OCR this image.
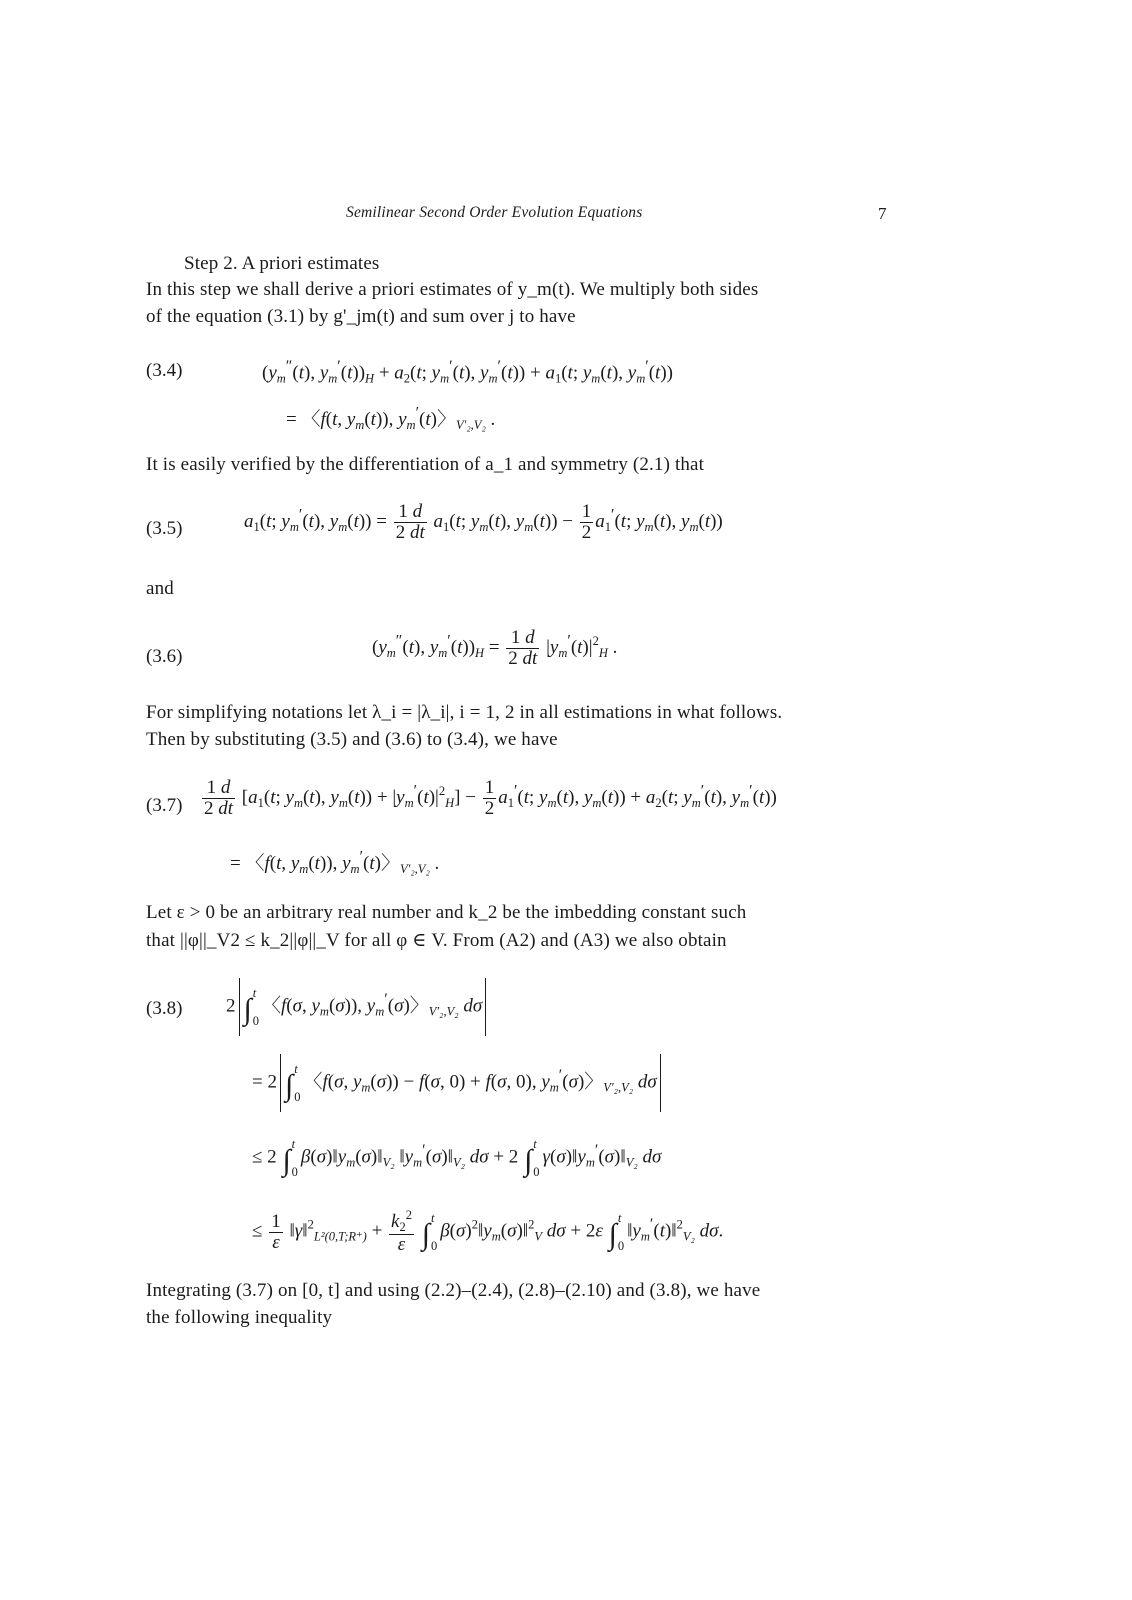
Semilinear Second Order Evolution Equations	7
Step 2. A priori estimates
In this step we shall derive a priori estimates of y_m(t). We multiply both sides
of the equation (3.1) by g'_jm(t) and sum over j to have
(3.4)	($y_m''(t)$, $y_m'(t))_H + a_2(t$; $y_m'(t)$, $y_m'(t)) + a_1(t$; $y_m(t)$, $y_m'(t)$)
= 〈f(t, $y_m(t)$), $y_m'(t)$〉$_{V'_2,V_2}$ .
It is easily verified by the differentiation of a_1 and symmetry (2.1) that
(3.5)	$a_1(t$; $y_m'(t)$, $y_m(t)) = \frac{1 d}{2 dt} a_1(t$; $y_m(t)$, $y_m(t)) - \frac{1}{2} a_1'(t$; $y_m(t)$, $y_m(t)$)
and
(3.6)	($y_m''(t)$, $y_m'(t))_H = \frac{1 d}{2 dt} |y_m'(t)|^2_H$ .
For simplifying notations let λ_i = |λ_i|, i = 1, 2 in all estimations in what follows.
Then by substituting (3.5) and (3.6) to (3.4), we have
$(3.7) \frac{1 d}{2 dt} [a_1(t$; $y_m(t)$, $y_m(t)) + |y_m'(t)|^2_H] - \frac{1}{2} a_1'(t$; $y_m(t)$, $y_m(t)) + a_2(t$; $y_m'(t)$, $y_m'(t)$)
= 〈f(t, $y_m(t)$), $y_m'(t)$〉$_{V'_2,V_2}$ .
Let ε > 0 be an arbitrary real number and k_2 be the imbedding constant such
that ||φ||_V2 ≤ k_2||φ||_V for all φ ∈ V. From (A2) and (A3) we also obtain
(3.8) 2 ∫
t
0
〈f(σ, $y_m(\sigma)$), $y_m'(\sigma)$〉$_{V'_2,V_2}$ dσ
= 2 ∫
t
0
〈f(σ, $y_m(\sigma)) - f(\sigma$, 0) + f(σ, 0), $y_m'(\sigma)$〉$_{V'_2,V_2}$ dσ
≤ 2 ∫
t
0
$\beta(\sigma)‖y_m(\sigma)‖_{V_2}$ $‖y_m'(\sigma)‖_{V_2}$ dσ + 2 ∫
t
0
$\gamma(\sigma)‖y_m'(\sigma)‖_{V_2}$ dσ
≤ $\frac{1}{\varepsilon}$ ‖γ‖$^2_{L^2(0,T;R^+)}$ + $\frac{k_2^2}{\varepsilon}$ ∫
t
0
$\beta(\sigma)^2‖y_m(\sigma)‖^2_V$ dσ + 2ε ∫
t
0
$‖y_m'(t)‖^2_{V_2}$ dσ.
Integrating (3.7) on [0, t] and using (2.2)–(2.4), (2.8)–(2.10) and (3.8), we have
the following inequality
